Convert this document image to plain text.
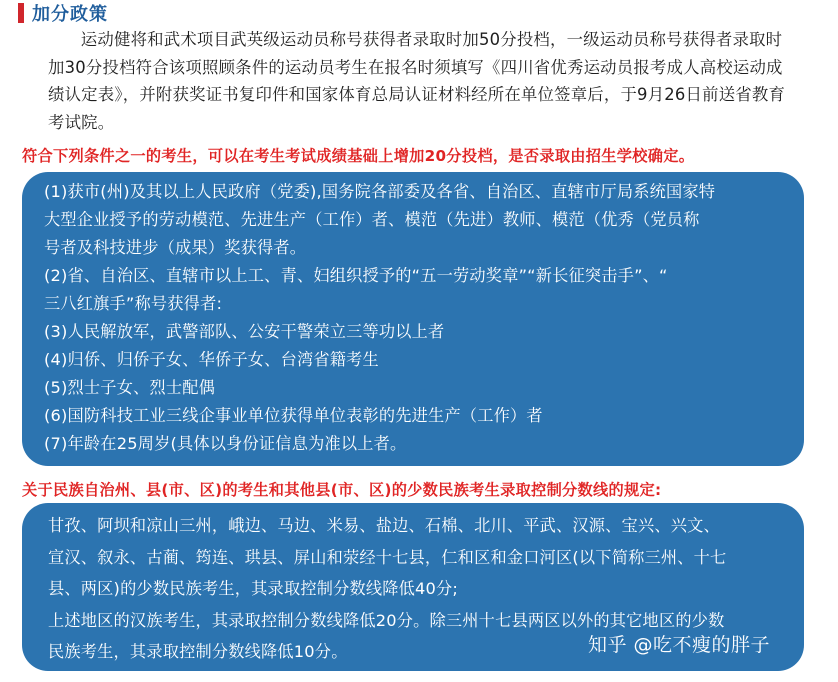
加分政策
运动健将和武术项目武英级运动员称号获得者录取时加50分投档，一级运动员称号获得者录取时加30分投档符合该项照顾条件的运动员考生在报名时须填写《四川省优秀运动员报考成人高校运动成绩认定表》，并附获奖证书复印件和国家体育总局认证材料经所在单位签章后，于9月26日前送省教育考试院。
符合下列条件之一的考生，可以在考生考试成绩基础上增加20分投档，是否录取由招生学校确定。
(1)获市(州)及其以上人民政府（党委),国务院各部委及各省、自治区、直辖市厅局系统国家特
大型企业授予的劳动模范、先进生产（工作）者、模范（先进）教师、模范（优秀（党员称
号者及科技进步（成果）奖获得者。
(2)省、自治区、直辖市以上工、青、妇组织授予的“五一劳动奖章”“新长征突击手”、“
三八红旗手”称号获得者:
(3)人民解放军，武警部队、公安干警荣立三等功以上者
(4)归侨、归侨子女、华侨子女、台湾省籍考生
(5)烈士子女、烈士配偶
(6)国防科技工业三线企事业单位获得单位表彰的先进生产（工作）者
(7)年龄在25周岁(具体以身份证信息为准以上者。
关于民族自治州、县(市、区)的考生和其他县(市、区)的少数民族考生录取控制分数线的规定:
甘孜、阿坝和凉山三州，峨边、马边、米易、盐边、石棉、北川、平武、汉源、宝兴、兴文、
宣汉、叙永、古蔺、筠连、珙县、屏山和荥经十七县，仁和区和金口河区(以下简称三州、十七
县、两区)的少数民族考生，其录取控制分数线降低40分;
上述地区的汉族考生，其录取控制分数线降低20分。除三州十七县两区以外的其它地区的少数
民族考生，其录取控制分数线降低10分。	知乎 @吃不瘦的胖子
